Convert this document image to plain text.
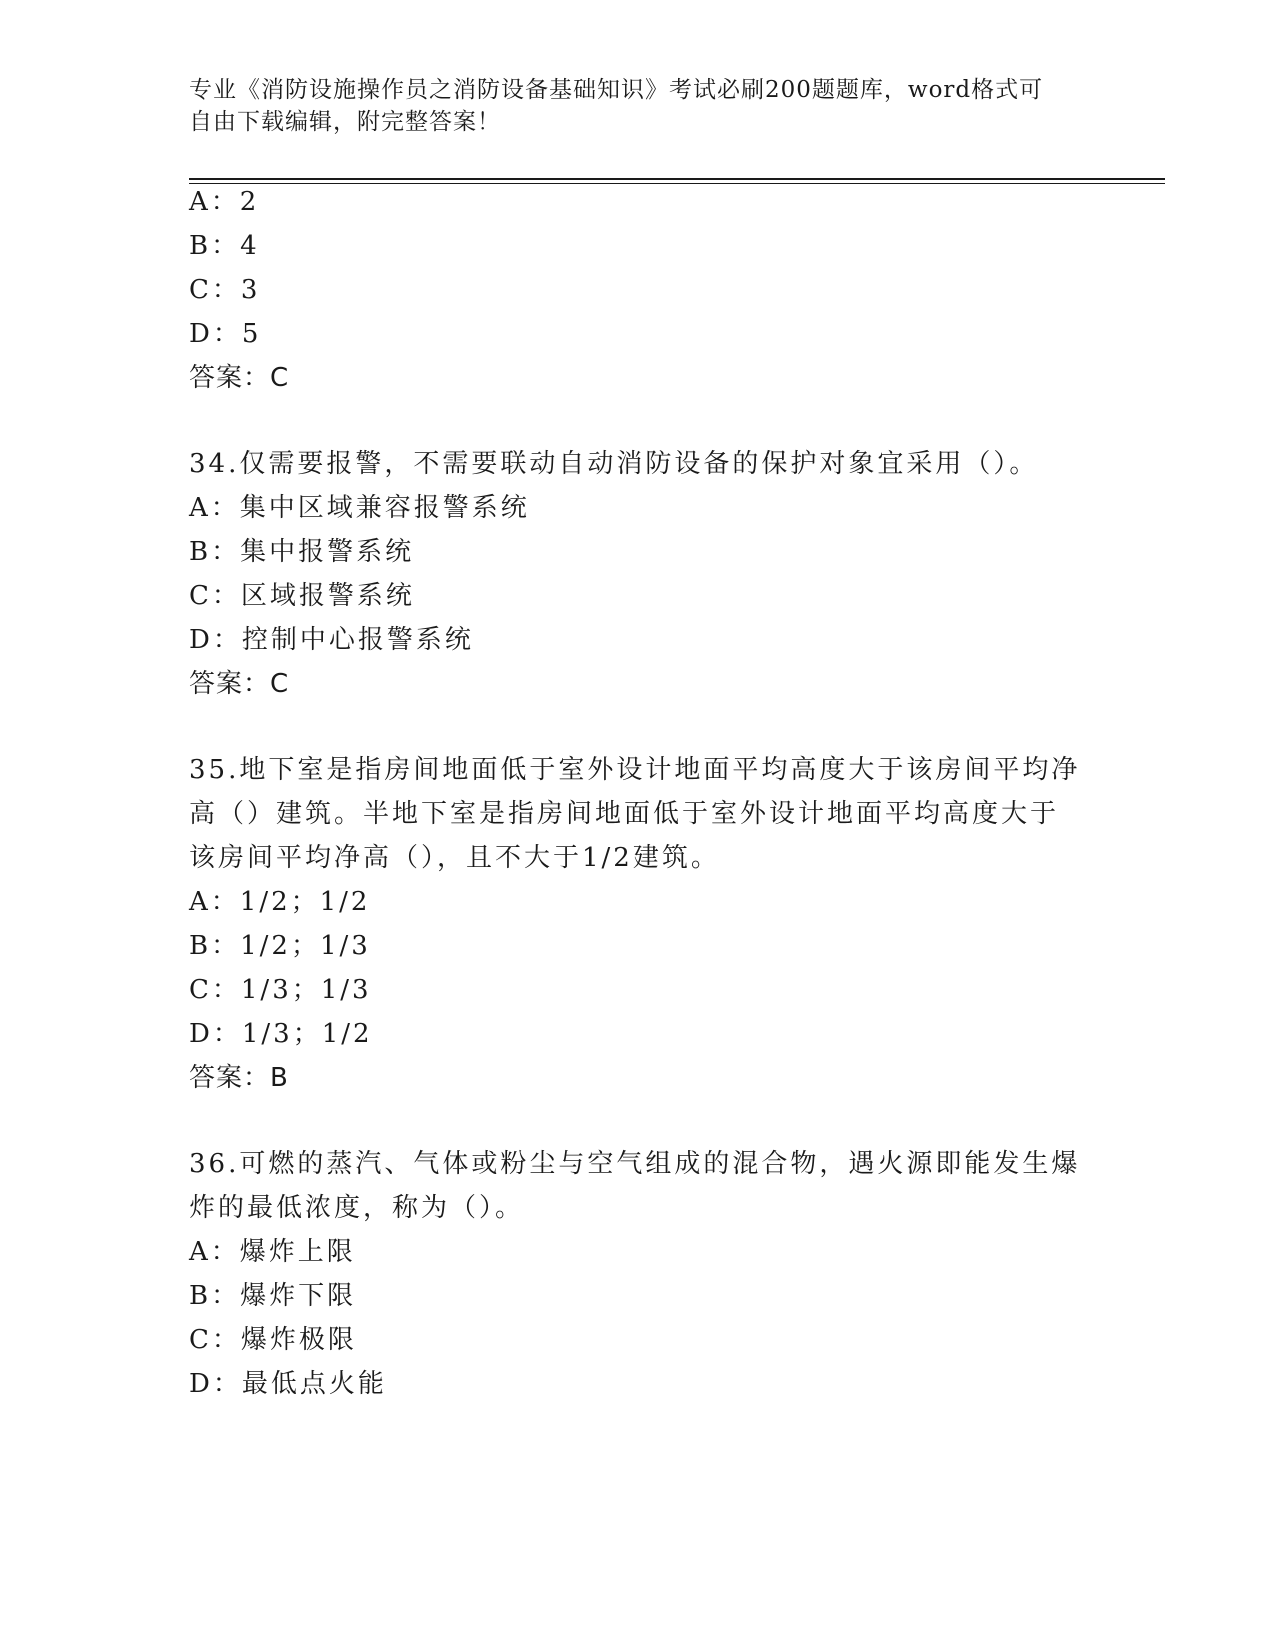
专业《消防设施操作员之消防设备基础知识》考试必刷200题题库，word格式可
自由下载编辑，附完整答案！
A：2
B：4
C：3
D：5
答案：C
34.仅需要报警，不需要联动自动消防设备的保护对象宜采用（）。
A：集中区域兼容报警系统
B：集中报警系统
C：区域报警系统
D：控制中心报警系统
答案：C
35.地下室是指房间地面低于室外设计地面平均高度大于该房间平均净
高（）建筑。半地下室是指房间地面低于室外设计地面平均高度大于
该房间平均净高（），且不大于1/2建筑。
A：1/2；1/2
B：1/2；1/3
C：1/3；1/3
D：1/3；1/2
答案：B
36.可燃的蒸汽、气体或粉尘与空气组成的混合物，遇火源即能发生爆
炸的最低浓度，称为（）。
A：爆炸上限
B：爆炸下限
C：爆炸极限
D：最低点火能
